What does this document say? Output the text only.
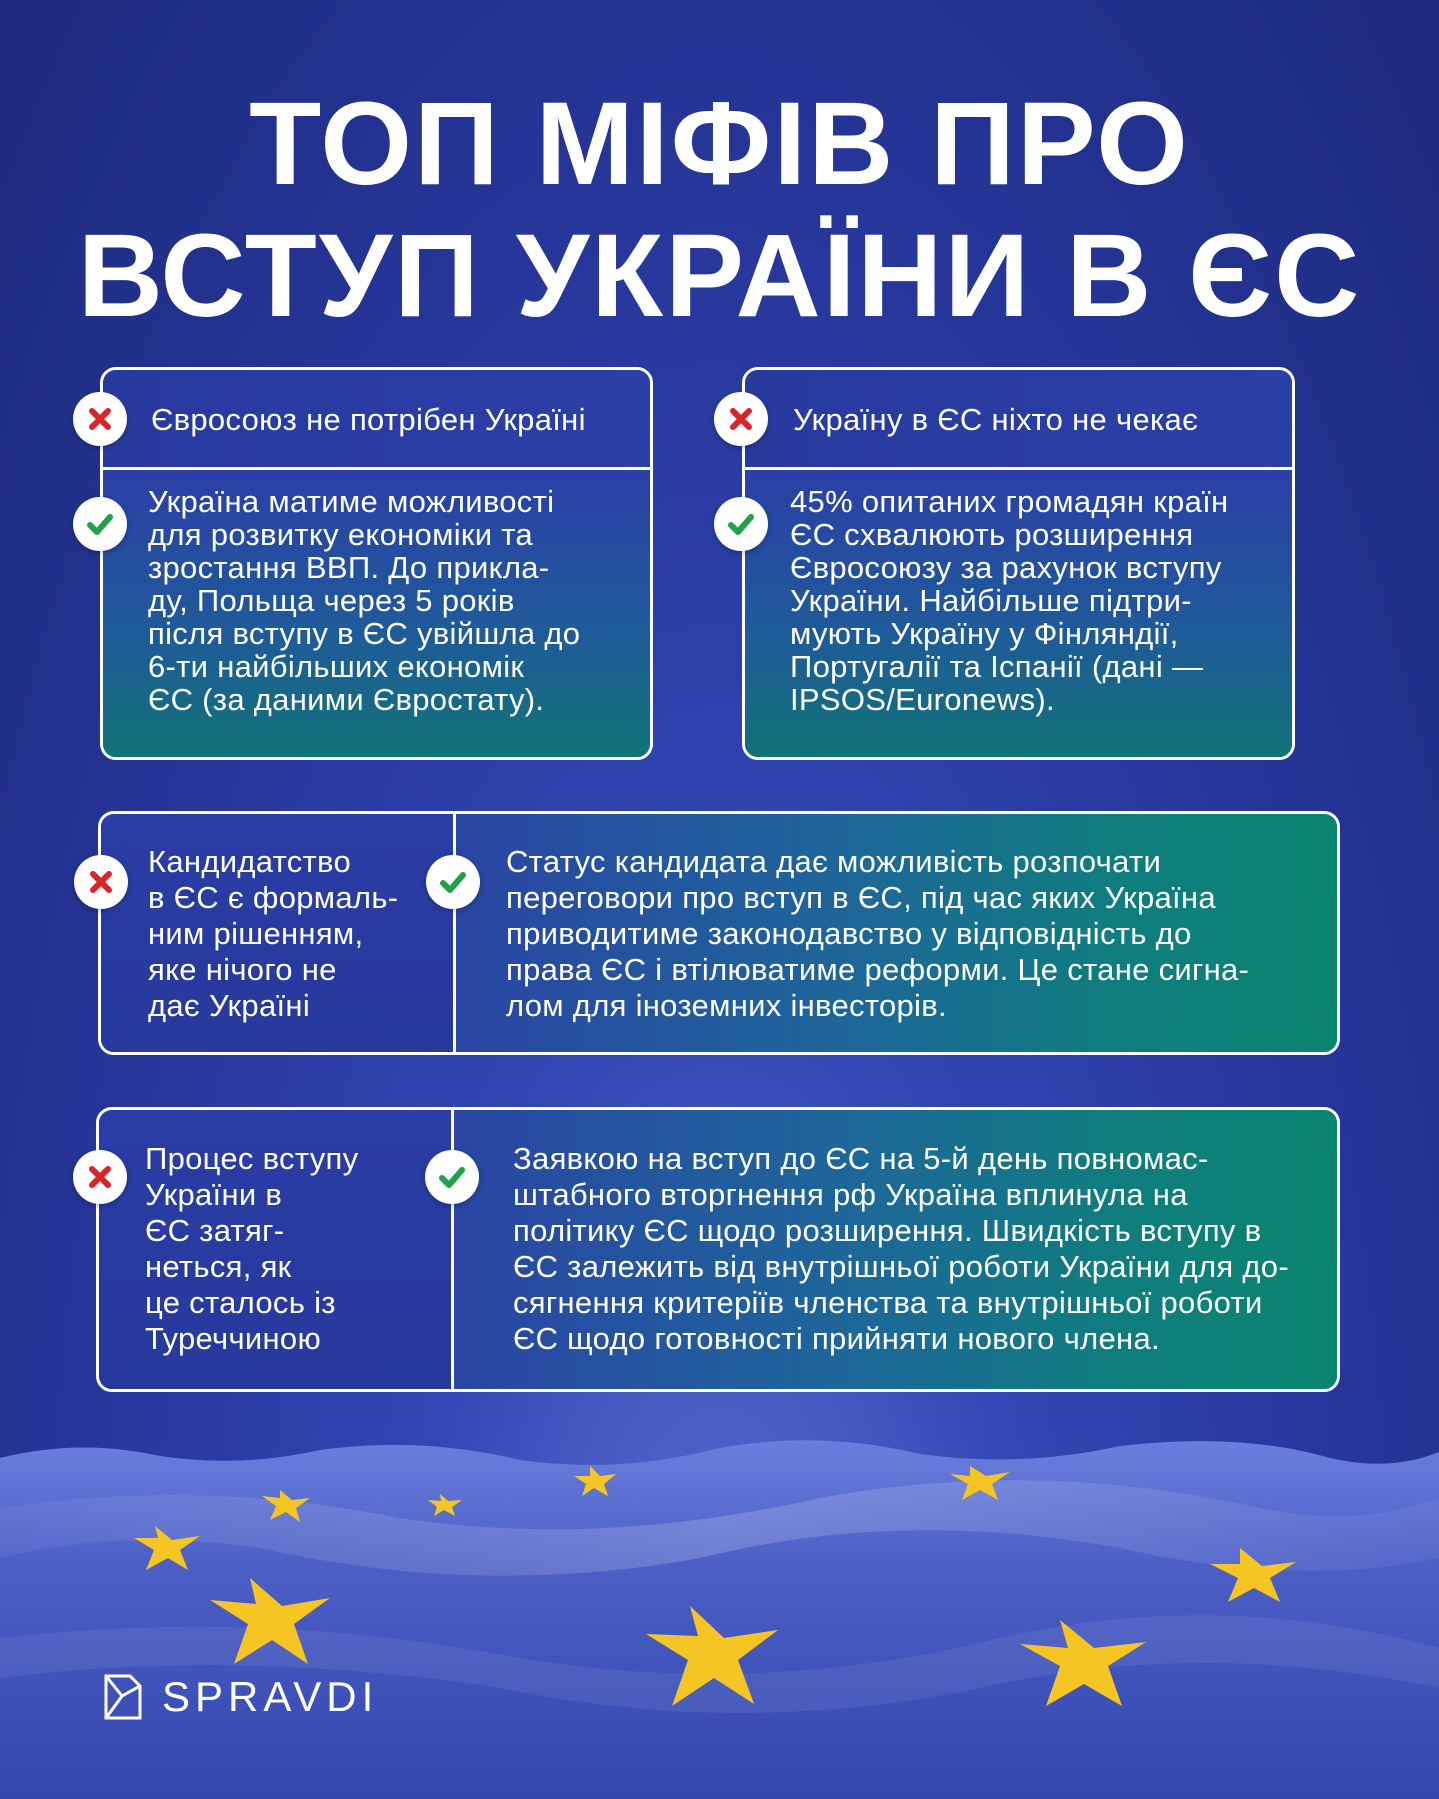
ТОП МІФІВ ПРО
ВСТУП УКРАЇНИ В ЄС
Євросоюз не потрібен Україні
Україна матиме можливості
для розвитку економіки та
зростання ВВП. До прикла-
ду, Польща через 5 років
після вступу в ЄС увійшла до
6-ти найбільших економік
ЄС (за даними Євростату).
Україну в ЄС ніхто не чекає
45% опитаних громадян країн
ЄС схвалюють розширення
Євросоюзу за рахунок вступу
України. Найбільше підтри-
мують Україну у Фінляндії,
Португалії та Іспанії (дані —
IPSOS/Euronews).
Кандидатство
в ЄС є формаль-
ним рішенням,
яке нічого не
дає Україні
Статус кандидата дає можливість розпочати
переговори про вступ в ЄС, під час яких Україна
приводитиме законодавство у відповідність до
права ЄС і втілюватиме реформи. Це стане сигна-
лом для іноземних інвесторів.
Процес вступу
України в
ЄС затяг-
неться, як
це сталось із
Туреччиною
Заявкою на вступ до ЄС на 5-й день повномас-
штабного вторгнення рф Україна вплинула на
політику ЄС щодо розширення. Швидкість вступу в
ЄС залежить від внутрішньої роботи України для до-
сягнення критеріїв членства та внутрішньої роботи
ЄС щодо готовності прийняти нового члена.
SPRAVDI
